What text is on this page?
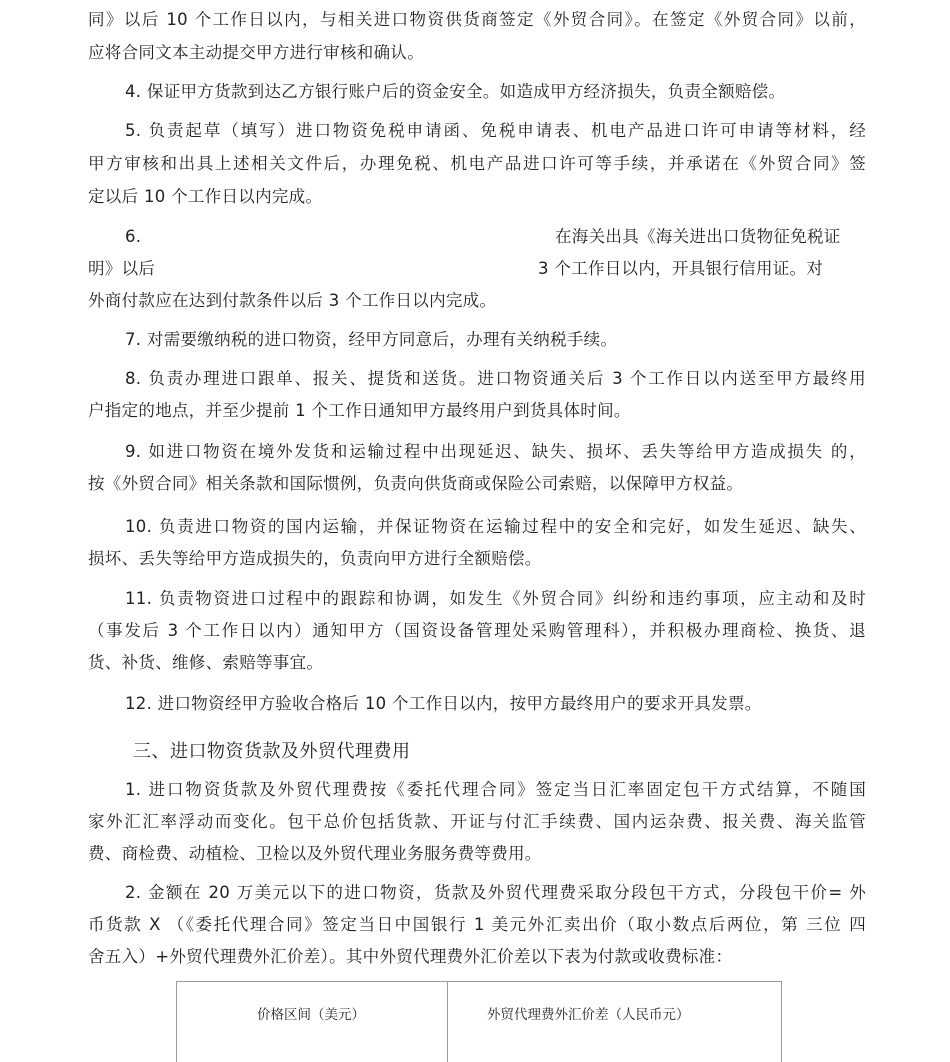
同》以后 10 个工作日以内，与相关进口物资供货商签定《外贸合同》。在签定《外贸合同》以前，
应将合同文本主动提交甲方进行审核和确认。
4. 保证甲方货款到达乙方银行账户后的资金安全。如造成甲方经济损失，负责全额赔偿。
5. 负责起草（填写）进口物资免税申请函、免税申请表、机电产品进口许可申请等材料，经
甲方审核和出具上述相关文件后，办理免税、机电产品进口许可等手续，并承诺在《外贸合同》签
定以后 10 个工作日以内完成。
6.	在海关出具《海关进出口货物征免税证
明》以后	3 个工作日以内，开具银行信用证。对
外商付款应在达到付款条件以后 3 个工作日以内完成。
7. 对需要缴纳税的进口物资，经甲方同意后，办理有关纳税手续。
8. 负责办理进口跟单、报关、提货和送货。进口物资通关后 3 个工作日以内送至甲方最终用
户指定的地点，并至少提前 1 个工作日通知甲方最终用户到货具体时间。
9. 如进口物资在境外发货和运输过程中出现延迟、缺失、损坏、丢失等给甲方造成损失 的，
按《外贸合同》相关条款和国际惯例，负责向供货商或保险公司索赔，以保障甲方权益。
10. 负责进口物资的国内运输，并保证物资在运输过程中的安全和完好，如发生延迟、缺失、
损坏、丢失等给甲方造成损失的，负责向甲方进行全额赔偿。
11. 负责物资进口过程中的跟踪和协调，如发生《外贸合同》纠纷和违约事项，应主动和及时
（事发后 3 个工作日以内）通知甲方（国资设备管理处采购管理科），并积极办理商检、换货、退
货、补货、维修、索赔等事宜。
12. 进口物资经甲方验收合格后 10 个工作日以内，按甲方最终用户的要求开具发票。
三、进口物资货款及外贸代理费用
1. 进口物资货款及外贸代理费按《委托代理合同》签定当日汇率固定包干方式结算，不随国
家外汇汇率浮动而变化。包干总价包括货款、开证与付汇手续费、国内运杂费、报关费、海关监管
费、商检费、动植检、卫检以及外贸代理业务服务费等费用。
2. 金额在 20 万美元以下的进口物资，货款及外贸代理费采取分段包干方式，分段包干价= 外
币货款 X （《委托代理合同》签定当日中国银行 1 美元外汇卖出价（取小数点后两位，第 三位 四
舍五入）+外贸代理费外汇价差）。其中外贸代理费外汇价差以下表为付款或收费标准：
价格区间（美元）	外贸代理费外汇价差（人民币元）
